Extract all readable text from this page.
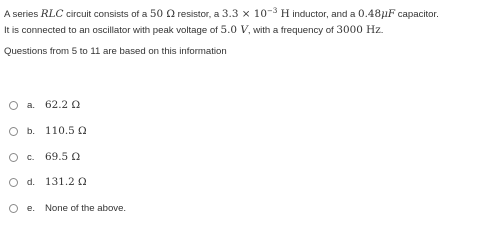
A series RLC circuit consists of a 50 Ω resistor, a $3.3 \times 10^{-3}$ H inductor, and a 0.48μF capacitor.

It is connected to an oscillator with peak voltage of 5.0 V, with a frequency of 3000 Hz.

Questions from 5 to 11 are based on this information
a. 62.2 Ω
b. 110.5 Ω
c.	69.5 Ω
d. 131.2 Ω
e.	None of the above.
